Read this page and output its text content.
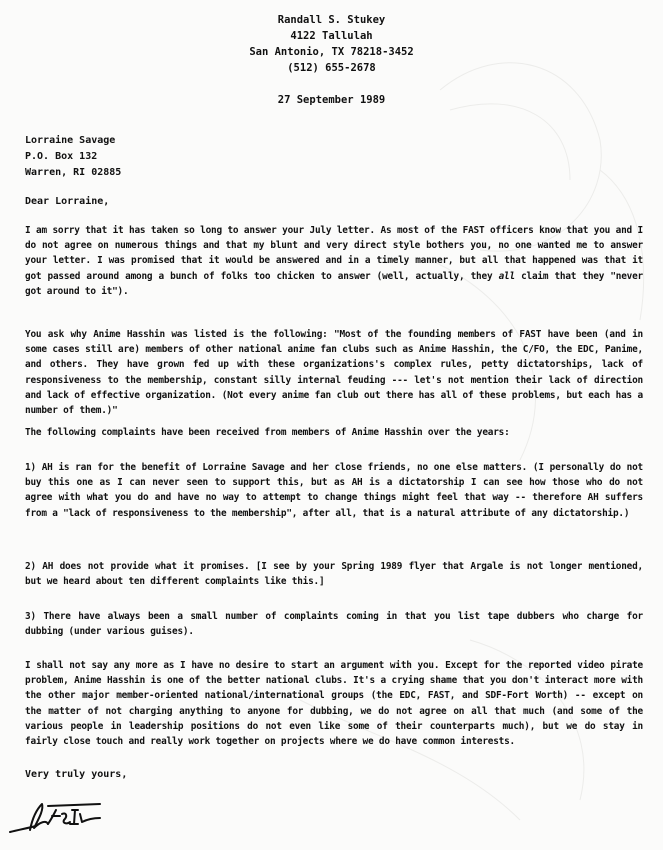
Randall S. Stukey
4122 Tallulah
San Antonio, TX 78218-3452
(512) 655-2678
27 September 1989
Lorraine Savage
P.O. Box 132
Warren, RI 02885
Dear Lorraine,
I am sorry that it has taken so long to answer your July letter. As most of the FAST officers know that you and I do not agree on numerous things and that my blunt and very direct style bothers you, no one wanted me to answer your letter. I was promised that it would be answered and in a timely manner, but all that happened was that it got passed around among a bunch of folks too chicken to answer (well, actually, they all claim that they "never got around to it").
You ask why Anime Hasshin was listed is the following: "Most of the founding members of FAST have been (and in some cases still are) members of other national anime fan clubs such as Anime Hasshin, the C/FO, the EDC, Panime, and others. They have grown fed up with these organizations's complex rules, petty dictatorships, lack of responsiveness to the membership, constant silly internal feuding --- let's not mention their lack of direction and lack of effective organization. (Not every anime fan club out there has all of these problems, but each has a number of them.)"
The following complaints have been received from members of Anime Hasshin over the years:
1) AH is ran for the benefit of Lorraine Savage and her close friends, no one else matters. (I personally do not buy this one as I can never seen to support this, but as AH is a dictatorship I can see how those who do not agree with what you do and have no way to attempt to change things might feel that way -- therefore AH suffers from a "lack of responsiveness to the membership", after all, that is a natural attribute of any dictatorship.)
2) AH does not provide what it promises. [I see by your Spring 1989 flyer that Argale is not longer mentioned, but we heard about ten different complaints like this.]
3) There have always been a small number of complaints coming in that you list tape dubbers who charge for dubbing (under various guises).
I shall not say any more as I have no desire to start an argument with you. Except for the reported video pirate problem, Anime Hasshin is one of the better national clubs. It's a crying shame that you don't interact more with the other major member-oriented national/international groups (the EDC, FAST, and SDF-Fort Worth) -- except on the matter of not charging anything to anyone for dubbing, we do not agree on all that much (and some of the various people in leadership positions do not even like some of their counterparts much), but we do stay in fairly close touch and really work together on projects where we do have common interests.
Very truly yours,
